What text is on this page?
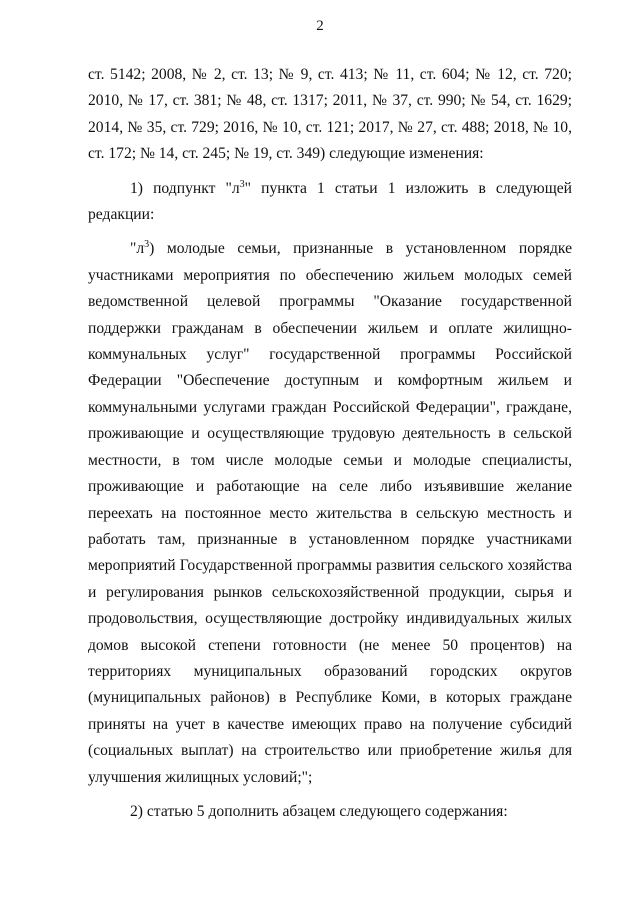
2

ст. 5142; 2008, № 2, ст. 13; № 9, ст. 413; № 11, ст. 604; № 12, ст. 720; 2010, № 17, ст. 381; № 48, ст. 1317; 2011, № 37, ст. 990; № 54, ст. 1629; 2014, № 35, ст. 729; 2016, № 10, ст. 121; 2017, № 27, ст. 488; 2018, № 10, ст. 172; № 14, ст. 245; № 19, ст. 349) следующие изменения:

1) подпункт "$л^3$" пункта 1 статьи 1 изложить в следующей редакции:

"$л^3$) молодые семьи, признанные в установленном порядке участниками мероприятия по обеспечению жильем молодых семей ведомственной целевой программы "Оказание государственной поддержки гражданам в обеспечении жильем и оплате жилищно-коммунальных услуг" государственной программы Российской Федерации "Обеспечение доступным и комфортным жильем и коммунальными услугами граждан Российской Федерации", граждане, проживающие и осуществляющие трудовую деятельность в сельской местности, в том числе молодые семьи и молодые специалисты, проживающие и работающие на селе либо изъявившие желание переехать на постоянное место жительства в сельскую местность и работать там, признанные в установленном порядке участниками мероприятий Государственной программы развития сельского хозяйства и регулирования рынков сельскохозяйственной продукции, сырья и продовольствия, осуществляющие достройку индивидуальных жилых домов высокой степени готовности (не менее 50 процентов) на территориях муниципальных образований городских округов (муниципальных районов) в Республике Коми, в которых граждане приняты на учет в качестве имеющих право на получение субсидий (социальных выплат) на строительство или приобретение жилья для улучшения жилищных условий;";

2) статью 5 дополнить абзацем следующего содержания:
